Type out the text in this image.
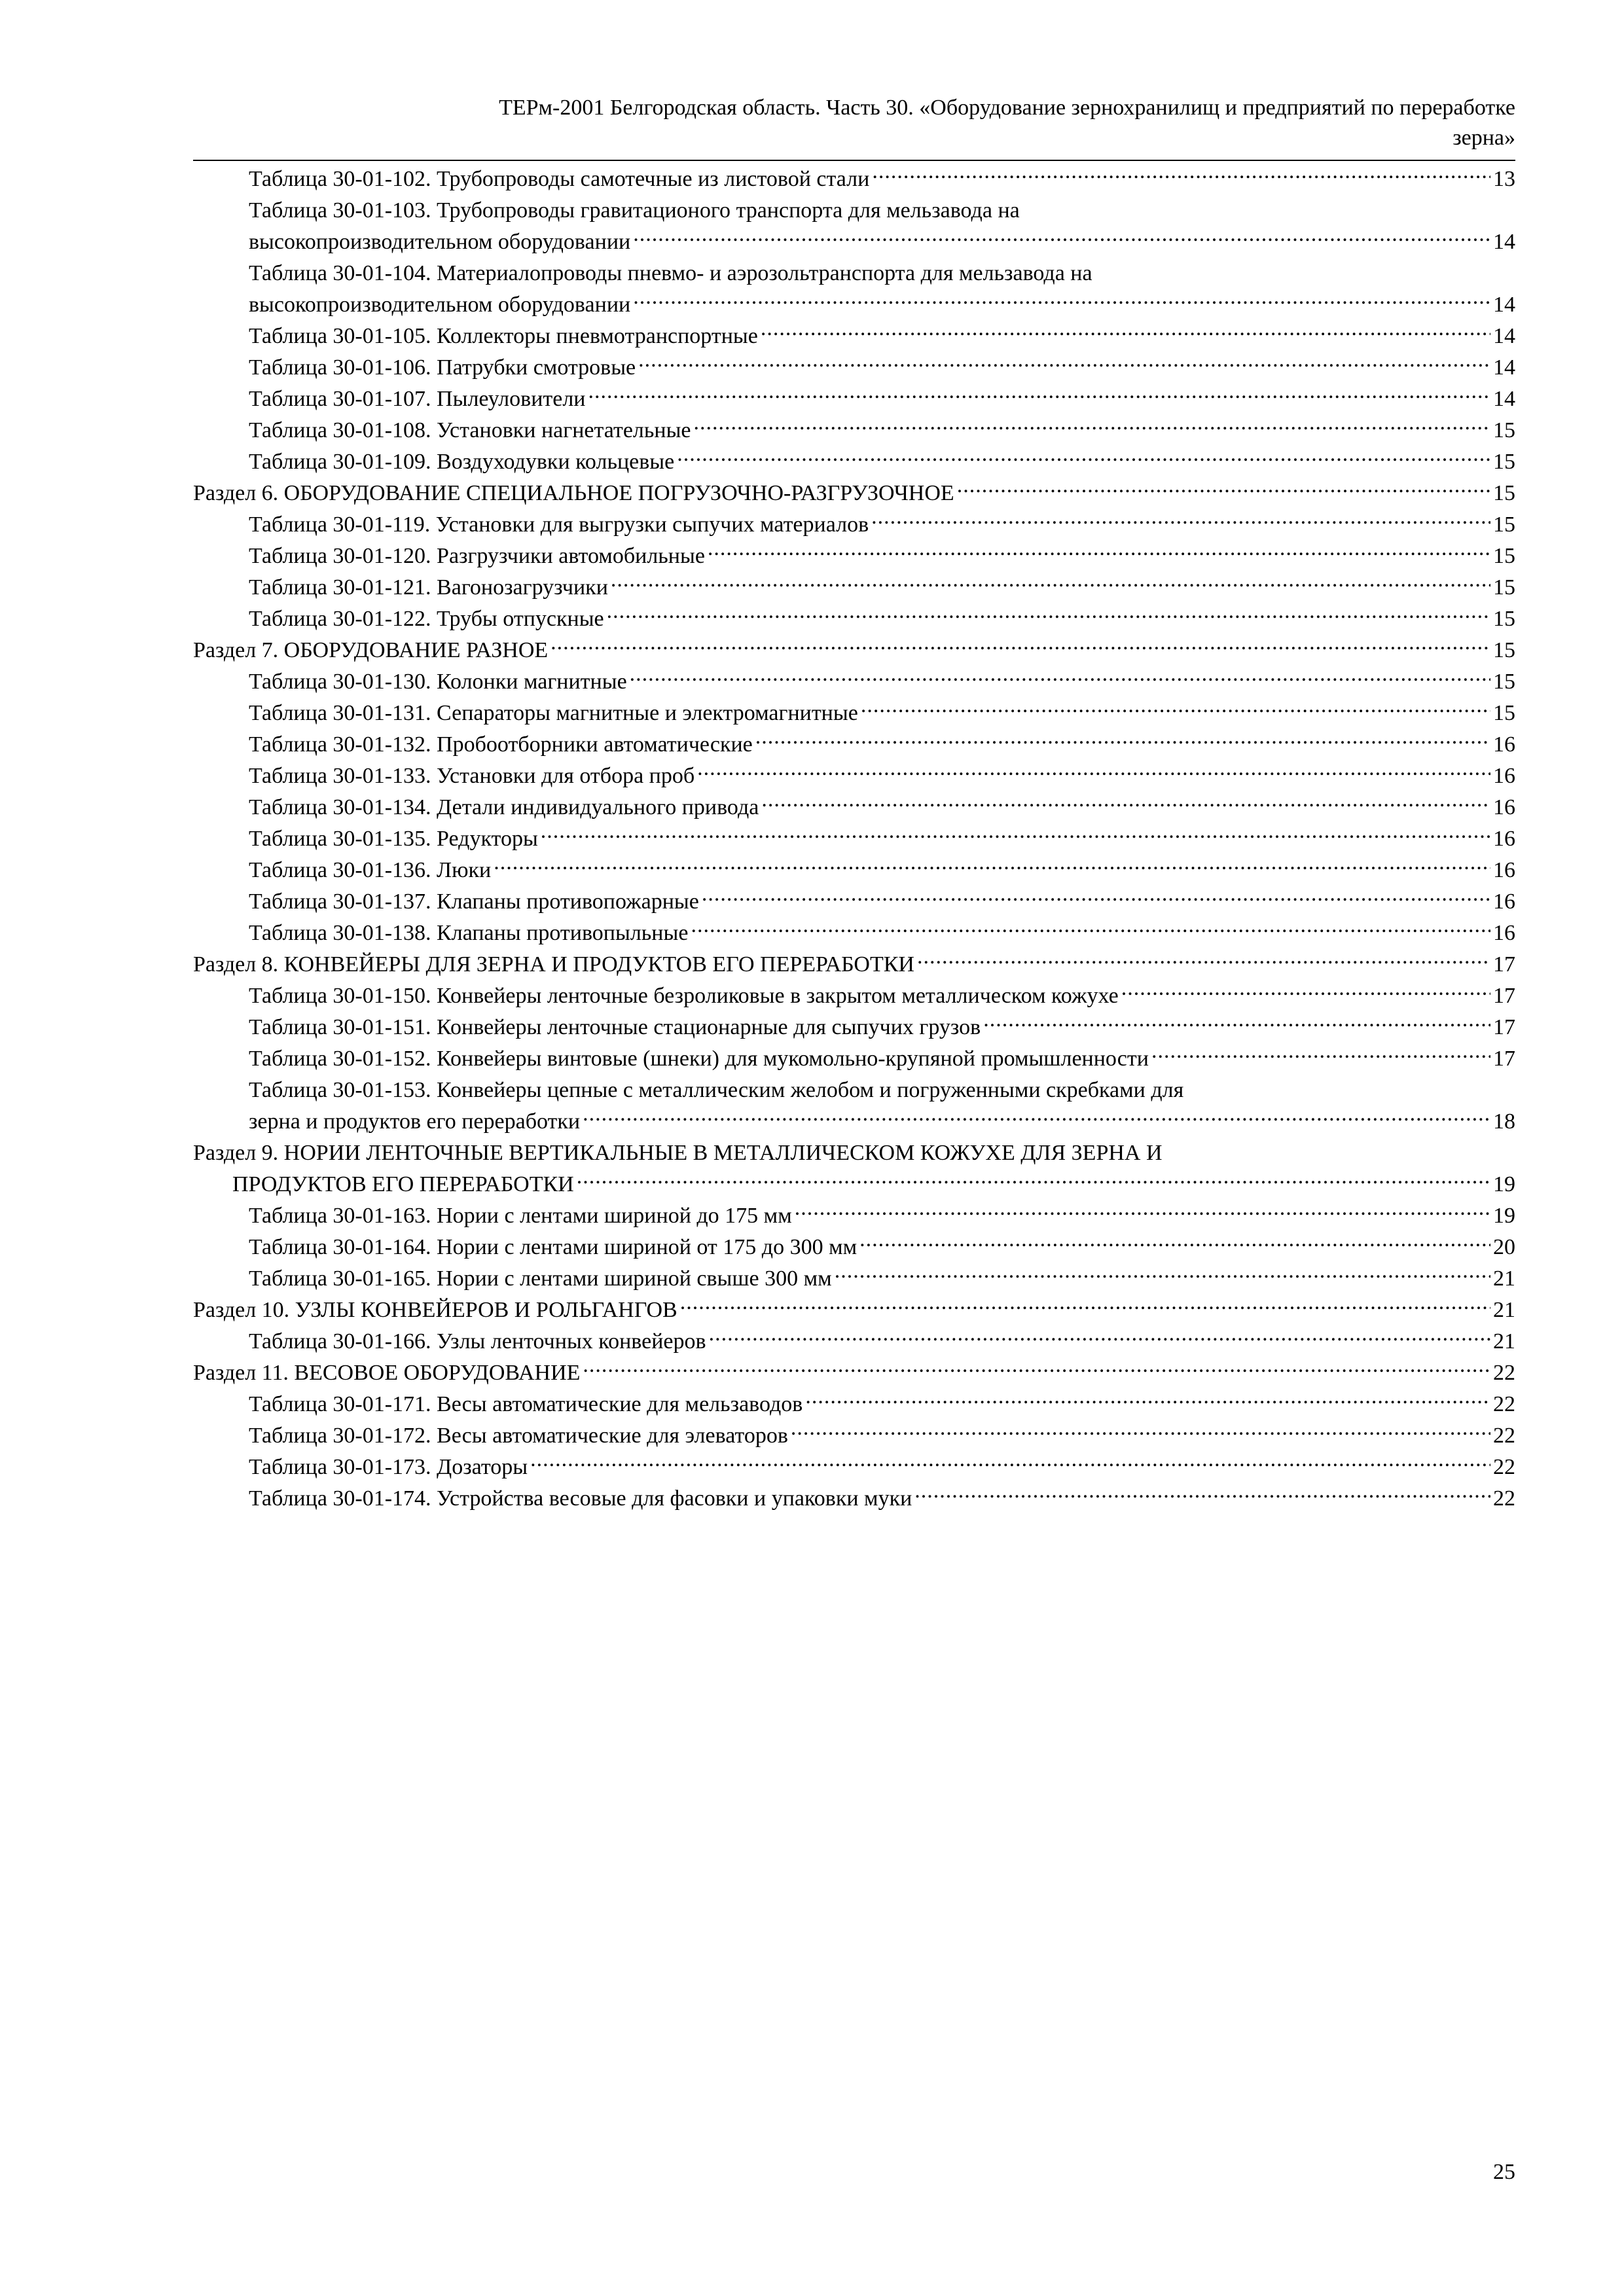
ТЕРм-2001 Белгородская область. Часть 30. «Оборудование зернохранилищ и предприятий по переработке
зерна»
Таблица 30-01-102. Трубопроводы самотечные из листовой стали .....	13
Таблица 30-01-103. Трубопроводы гравитационого транспорта для мельзавода на
высокопроизводительном оборудовании .....	14
Таблица 30-01-104. Материалопроводы пневмо- и аэрозольтранспорта для мельзавода на
высокопроизводительном оборудовании .....	14
Таблица 30-01-105. Коллекторы пневмотранспортные .....	14
Таблица 30-01-106. Патрубки смотровые .....	14
Таблица 30-01-107. Пылеуловители .....	14
Таблица 30-01-108. Установки нагнетательные .....	15
Таблица 30-01-109. Воздуходувки кольцевые .....	15
Раздел 6. ОБОРУДОВАНИЕ СПЕЦИАЛЬНОЕ ПОГРУЗОЧНО-РАЗГРУЗОЧНОЕ .....	15
Таблица 30-01-119. Установки для выгрузки сыпучих материалов .....	15
Таблица 30-01-120. Разгрузчики автомобильные .....	15
Таблица 30-01-121. Вагонозагрузчики .....	15
Таблица 30-01-122. Трубы отпускные .....	15
Раздел 7. ОБОРУДОВАНИЕ РАЗНОЕ .....	15
Таблица 30-01-130. Колонки магнитные .....	15
Таблица 30-01-131. Сепараторы магнитные и электромагнитные .....	15
Таблица 30-01-132. Пробоотборники автоматические .....	16
Таблица 30-01-133. Установки для отбора проб .....	16
Таблица 30-01-134. Детали индивидуального привода .....	16
Таблица 30-01-135. Редукторы .....	16
Таблица 30-01-136. Люки .....	16
Таблица 30-01-137. Клапаны противопожарные .....	16
Таблица 30-01-138. Клапаны противопыльные .....	16
Раздел 8. КОНВЕЙЕРЫ ДЛЯ ЗЕРНА И ПРОДУКТОВ ЕГО ПЕРЕРАБОТКИ .....	17
Таблица 30-01-150. Конвейеры ленточные безроликовые в закрытом металлическом кожухе .....	17
Таблица 30-01-151. Конвейеры ленточные стационарные для сыпучих грузов .....	17
Таблица 30-01-152. Конвейеры винтовые (шнеки) для мукомольно-крупяной промышленности .....	17
Таблица 30-01-153. Конвейеры цепные с металлическим желобом и погруженными скребками для
зерна и продуктов его переработки .....	18
Раздел 9. НОРИИ ЛЕНТОЧНЫЕ ВЕРТИКАЛЬНЫЕ В МЕТАЛЛИЧЕСКОМ КОЖУХЕ ДЛЯ ЗЕРНА И
ПРОДУКТОВ ЕГО ПЕРЕРАБОТКИ .....	19
Таблица 30-01-163. Нории с лентами шириной до 175 мм .....	19
Таблица 30-01-164. Нории с лентами шириной от 175 до 300 мм .....	20
Таблица 30-01-165. Нории с лентами шириной свыше 300 мм .....	21
Раздел 10. УЗЛЫ КОНВЕЙЕРОВ И РОЛЬГАНГОВ .....	21
Таблица 30-01-166. Узлы ленточных конвейеров .....	21
Раздел 11. ВЕСОВОЕ ОБОРУДОВАНИЕ .....	22
Таблица 30-01-171. Весы автоматические для мельзаводов .....	22
Таблица 30-01-172. Весы автоматические для элеваторов .....	22
Таблица 30-01-173. Дозаторы .....	22
Таблица 30-01-174. Устройства весовые для фасовки и упаковки муки .....	22
25
